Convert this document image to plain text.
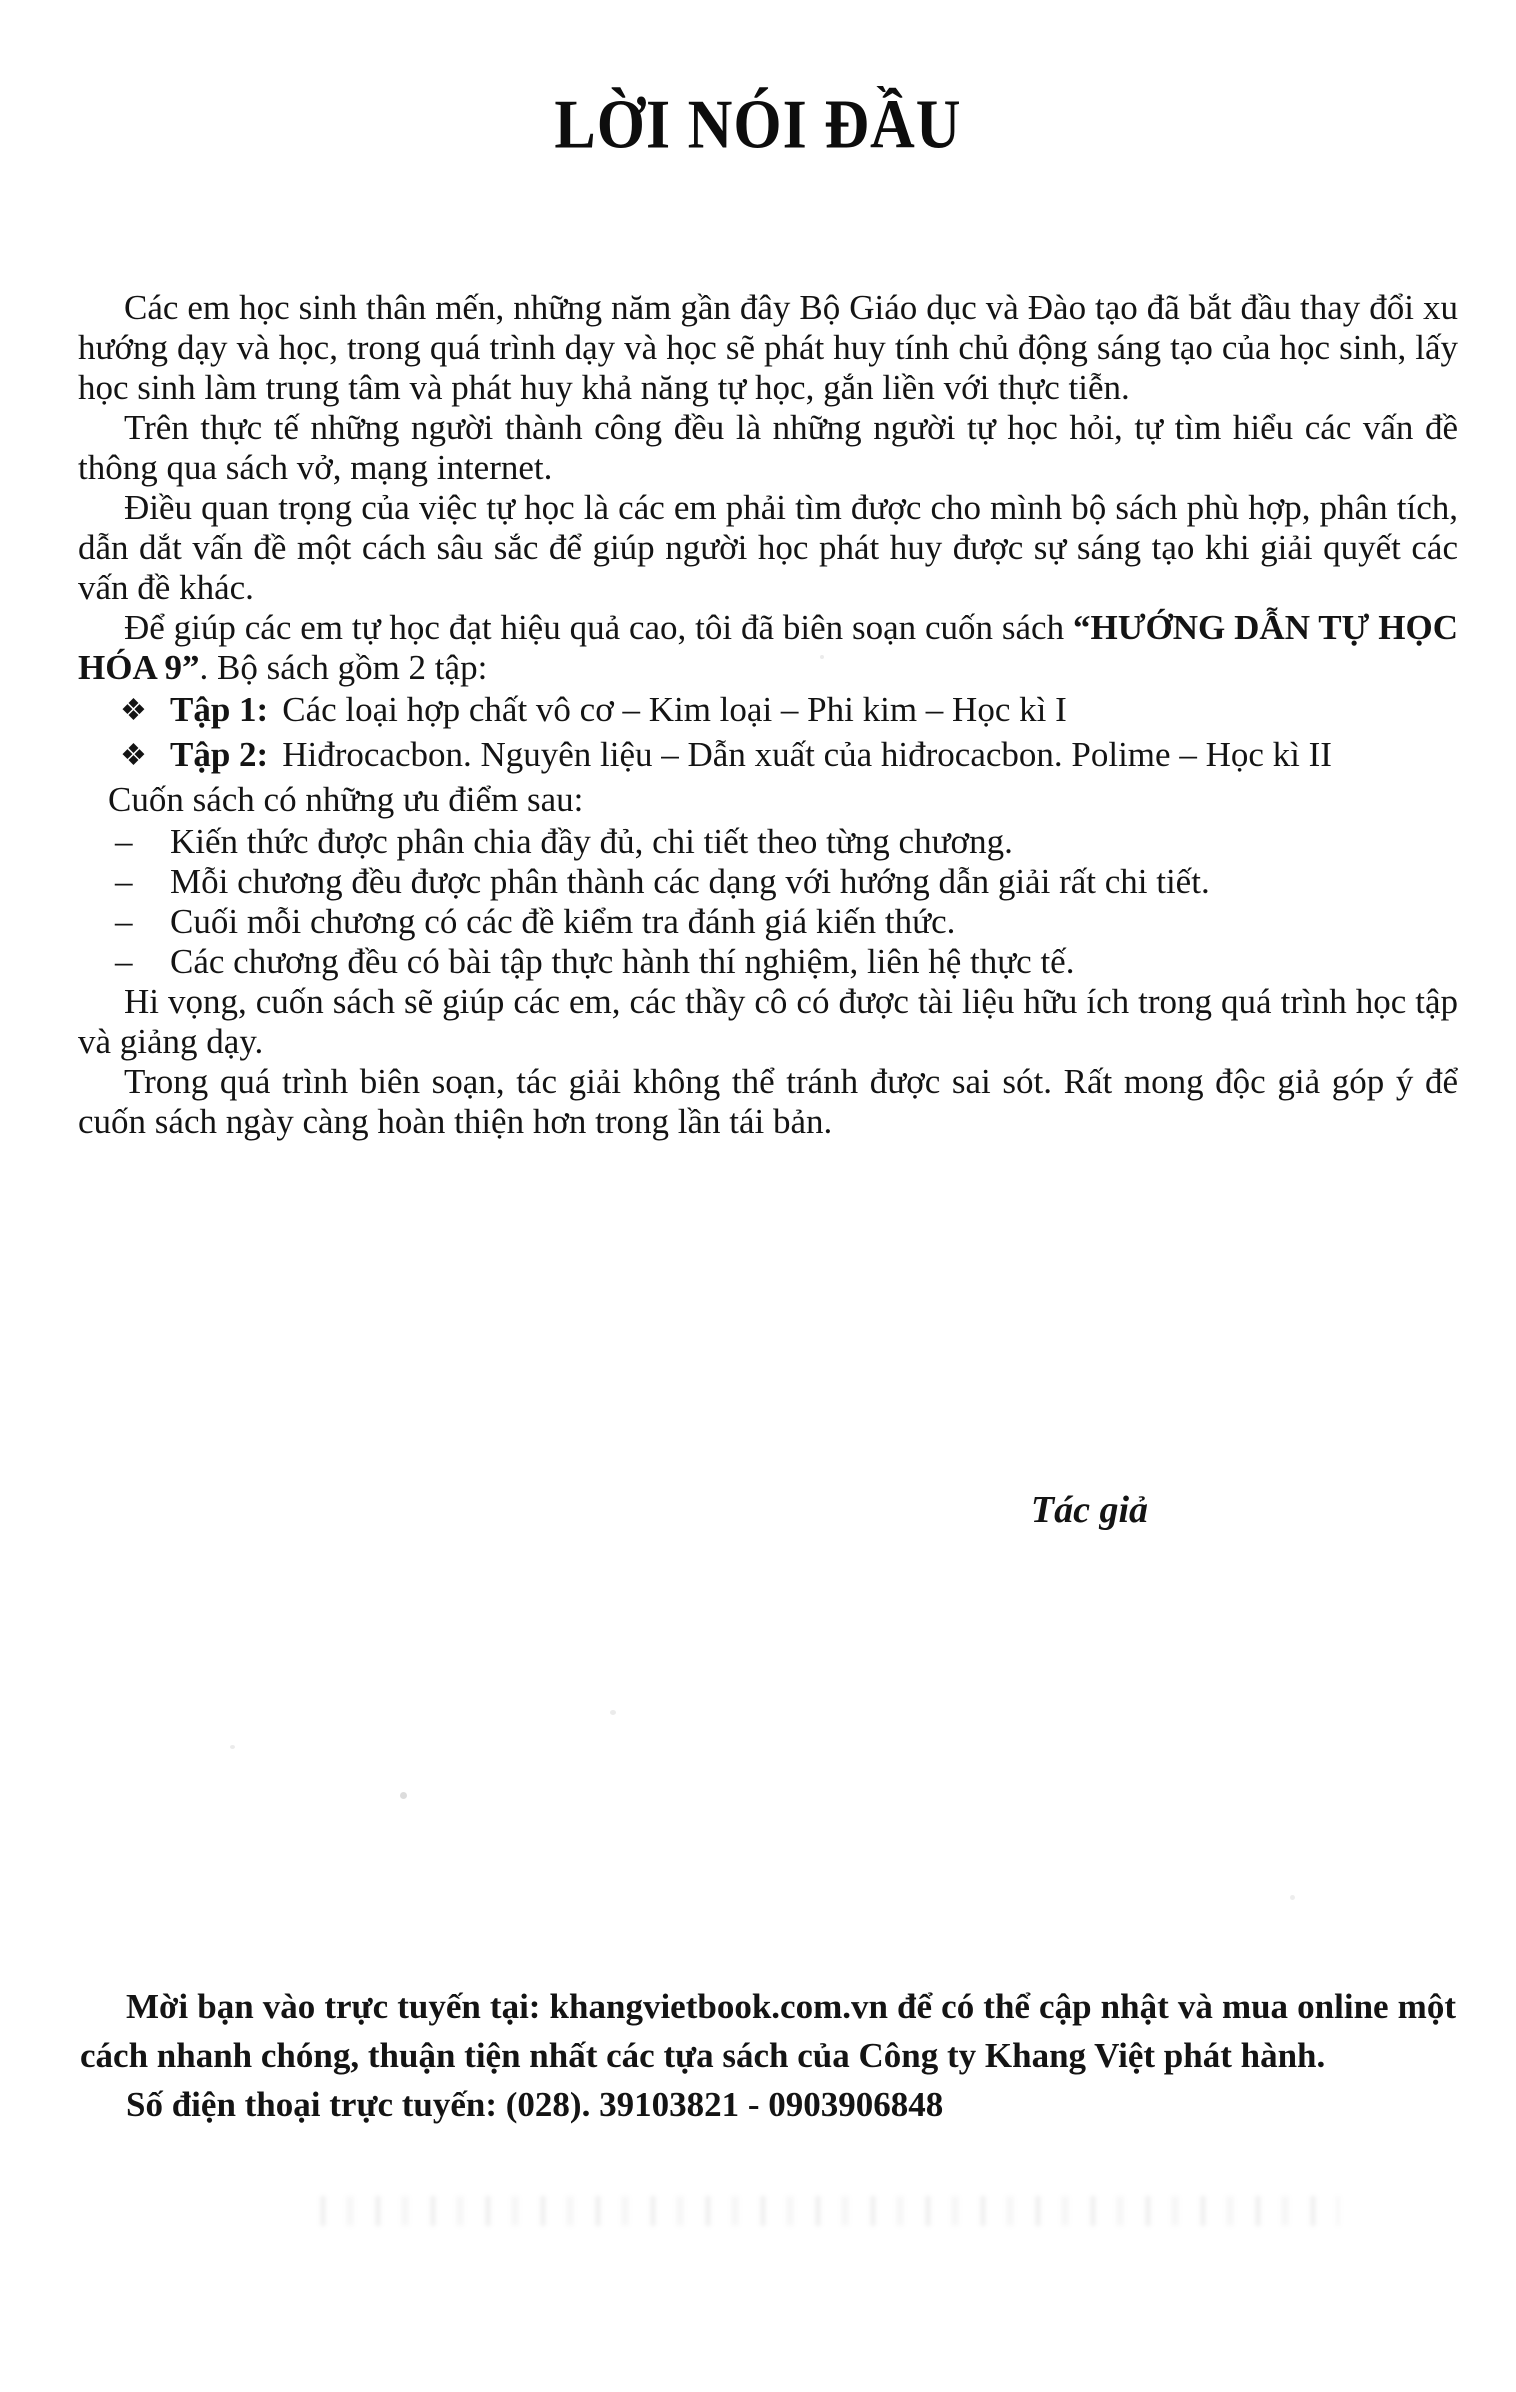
LỜI NÓI ĐẦU

Các em học sinh thân mến, những năm gần đây Bộ Giáo dục và Đào tạo đã bắt đầu thay đổi xu hướng dạy và học, trong quá trình dạy và học sẽ phát huy tính chủ động sáng tạo của học sinh, lấy học sinh làm trung tâm và phát huy khả năng tự học, gắn liền với thực tiễn.

Trên thực tế những người thành công đều là những người tự học hỏi, tự tìm hiểu các vấn đề thông qua sách vở, mạng internet.

Điều quan trọng của việc tự học là các em phải tìm được cho mình bộ sách phù hợp, phân tích, dẫn dắt vấn đề một cách sâu sắc để giúp người học phát huy được sự sáng tạo khi giải quyết các vấn đề khác.

Để giúp các em tự học đạt hiệu quả cao, tôi đã biên soạn cuốn sách “HƯỚNG DẪN TỰ HỌC HÓA 9”. Bộ sách gồm 2 tập:

❖ Tập 1: Các loại hợp chất vô cơ – Kim loại – Phi kim – Học kì I

❖ Tập 2: Hiđrocacbon. Nguyên liệu – Dẫn xuất của hiđrocacbon. Polime – Học kì II

Cuốn sách có những ưu điểm sau:

– Kiến thức được phân chia đầy đủ, chi tiết theo từng chương.

– Mỗi chương đều được phân thành các dạng với hướng dẫn giải rất chi tiết.

– Cuối mỗi chương có các đề kiểm tra đánh giá kiến thức.

– Các chương đều có bài tập thực hành thí nghiệm, liên hệ thực tế.

Hi vọng, cuốn sách sẽ giúp các em, các thầy cô có được tài liệu hữu ích trong quá trình học tập và giảng dạy.

Trong quá trình biên soạn, tác giải không thể tránh được sai sót. Rất mong độc giả góp ý để cuốn sách ngày càng hoàn thiện hơn trong lần tái bản.

Tác giả

Mời bạn vào trực tuyến tại: khangvietbook.com.vn để có thể cập nhật và mua online một cách nhanh chóng, thuận tiện nhất các tựa sách của Công ty Khang Việt phát hành.

Số điện thoại trực tuyến: (028). 39103821 - 0903906848
